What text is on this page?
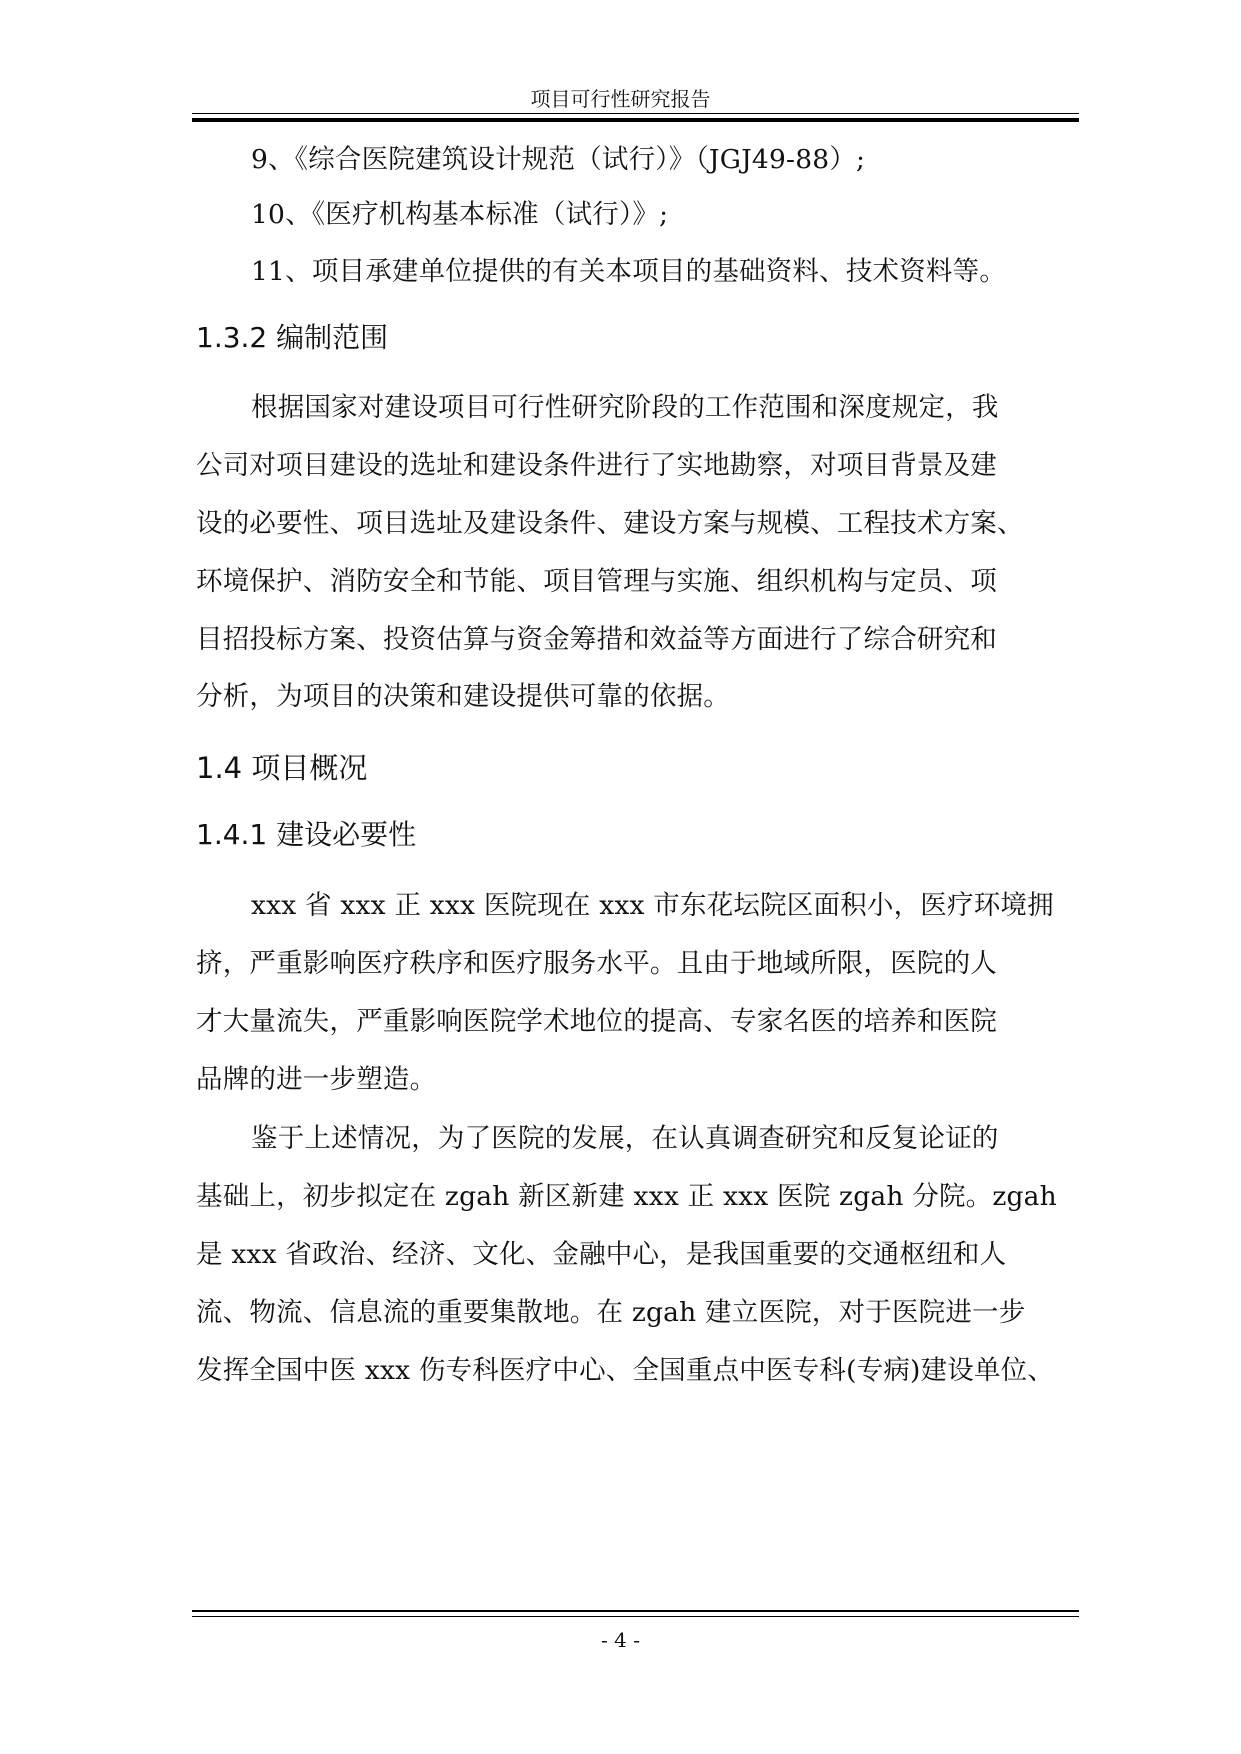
项目可行性研究报告
9、《综合医院建筑设计规范（试行）》（JGJ49-88）;
10、《医疗机构基本标准（试行）》;
11、项目承建单位提供的有关本项目的基础资料、技术资料等。
1.3.2 编制范围
根据国家对建设项目可行性研究阶段的工作范围和深度规定，我
公司对项目建设的选址和建设条件进行了实地勘察，对项目背景及建
设的必要性、项目选址及建设条件、建设方案与规模、工程技术方案、
环境保护、消防安全和节能、项目管理与实施、组织机构与定员、项
目招投标方案、投资估算与资金筹措和效益等方面进行了综合研究和
分析，为项目的决策和建设提供可靠的依据。
1.4 项目概况
1.4.1 建设必要性
xxx 省 xxx 正 xxx 医院现在 xxx 市东花坛院区面积小，医疗环境拥
挤，严重影响医疗秩序和医疗服务水平。且由于地域所限，医院的人
才大量流失，严重影响医院学术地位的提高、专家名医的培养和医院
品牌的进一步塑造。
鉴于上述情况，为了医院的发展，在认真调查研究和反复论证的
基础上，初步拟定在 zgah 新区新建 xxx 正 xxx 医院 zgah 分院。zgah
是 xxx 省政治、经济、文化、金融中心，是我国重要的交通枢纽和人
流、物流、信息流的重要集散地。在 zgah 建立医院，对于医院进一步
发挥全国中医 xxx 伤专科医疗中心、全国重点中医专科(专病)建设单位、
- 4 -
